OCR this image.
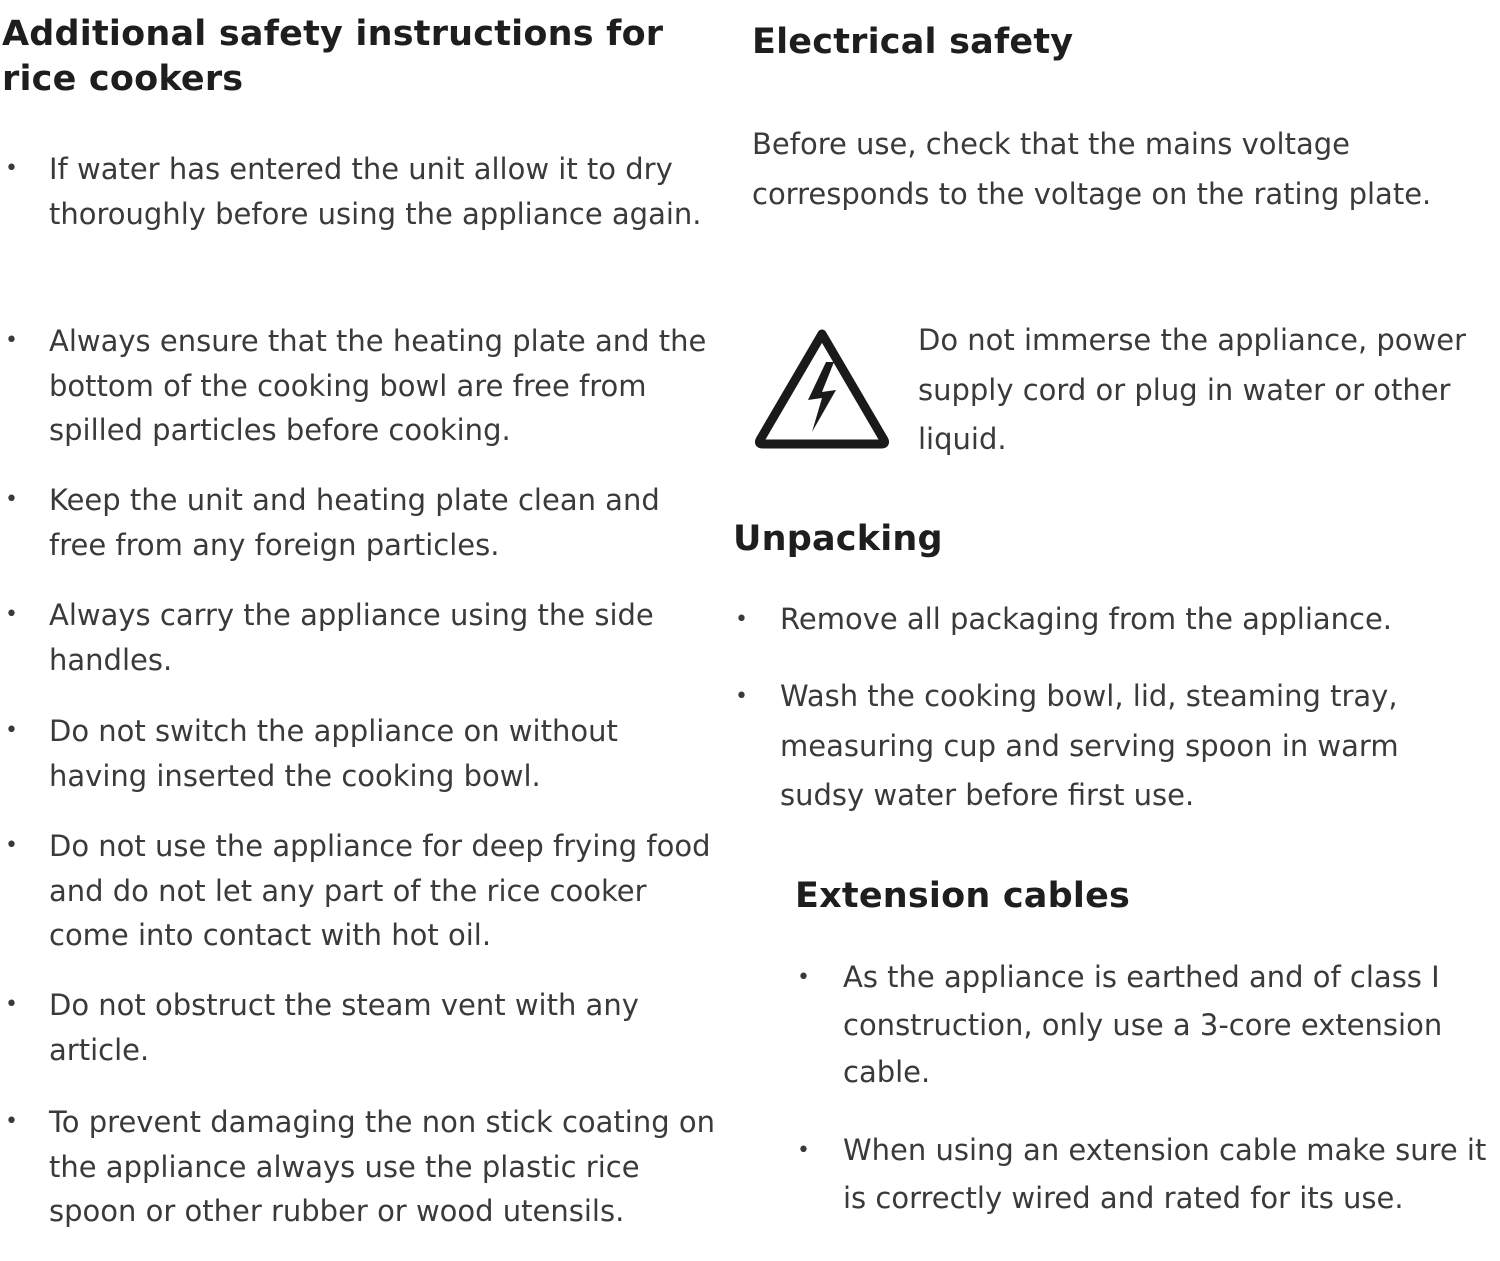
Additional safety instructions for rice cookers
• If water has entered the unit allow it to dry thoroughly before using the appliance again.
• Always ensure that the heating plate and the bottom of the cooking bowl are free from spilled particles before cooking.
• Keep the unit and heating plate clean and free from any foreign particles.
• Always carry the appliance using the side handles.
• Do not switch the appliance on without having inserted the cooking bowl.
• Do not use the appliance for deep frying food and do not let any part of the rice cooker come into contact with hot oil.
• Do not obstruct the steam vent with any article.
• To prevent damaging the non stick coating on the appliance always use the plastic rice spoon or other rubber or wood utensils.
Electrical safety
Before use, check that the mains voltage corresponds to the voltage on the rating plate.
Do not immerse the appliance, power supply cord or plug in water or other liquid.
Unpacking
• Remove all packaging from the appliance.
• Wash the cooking bowl, lid, steaming tray, measuring cup and serving spoon in warm sudsy water before first use.
Extension cables
• As the appliance is earthed and of class I construction, only use a 3-core extension cable.
• When using an extension cable make sure it is correctly wired and rated for its use.
